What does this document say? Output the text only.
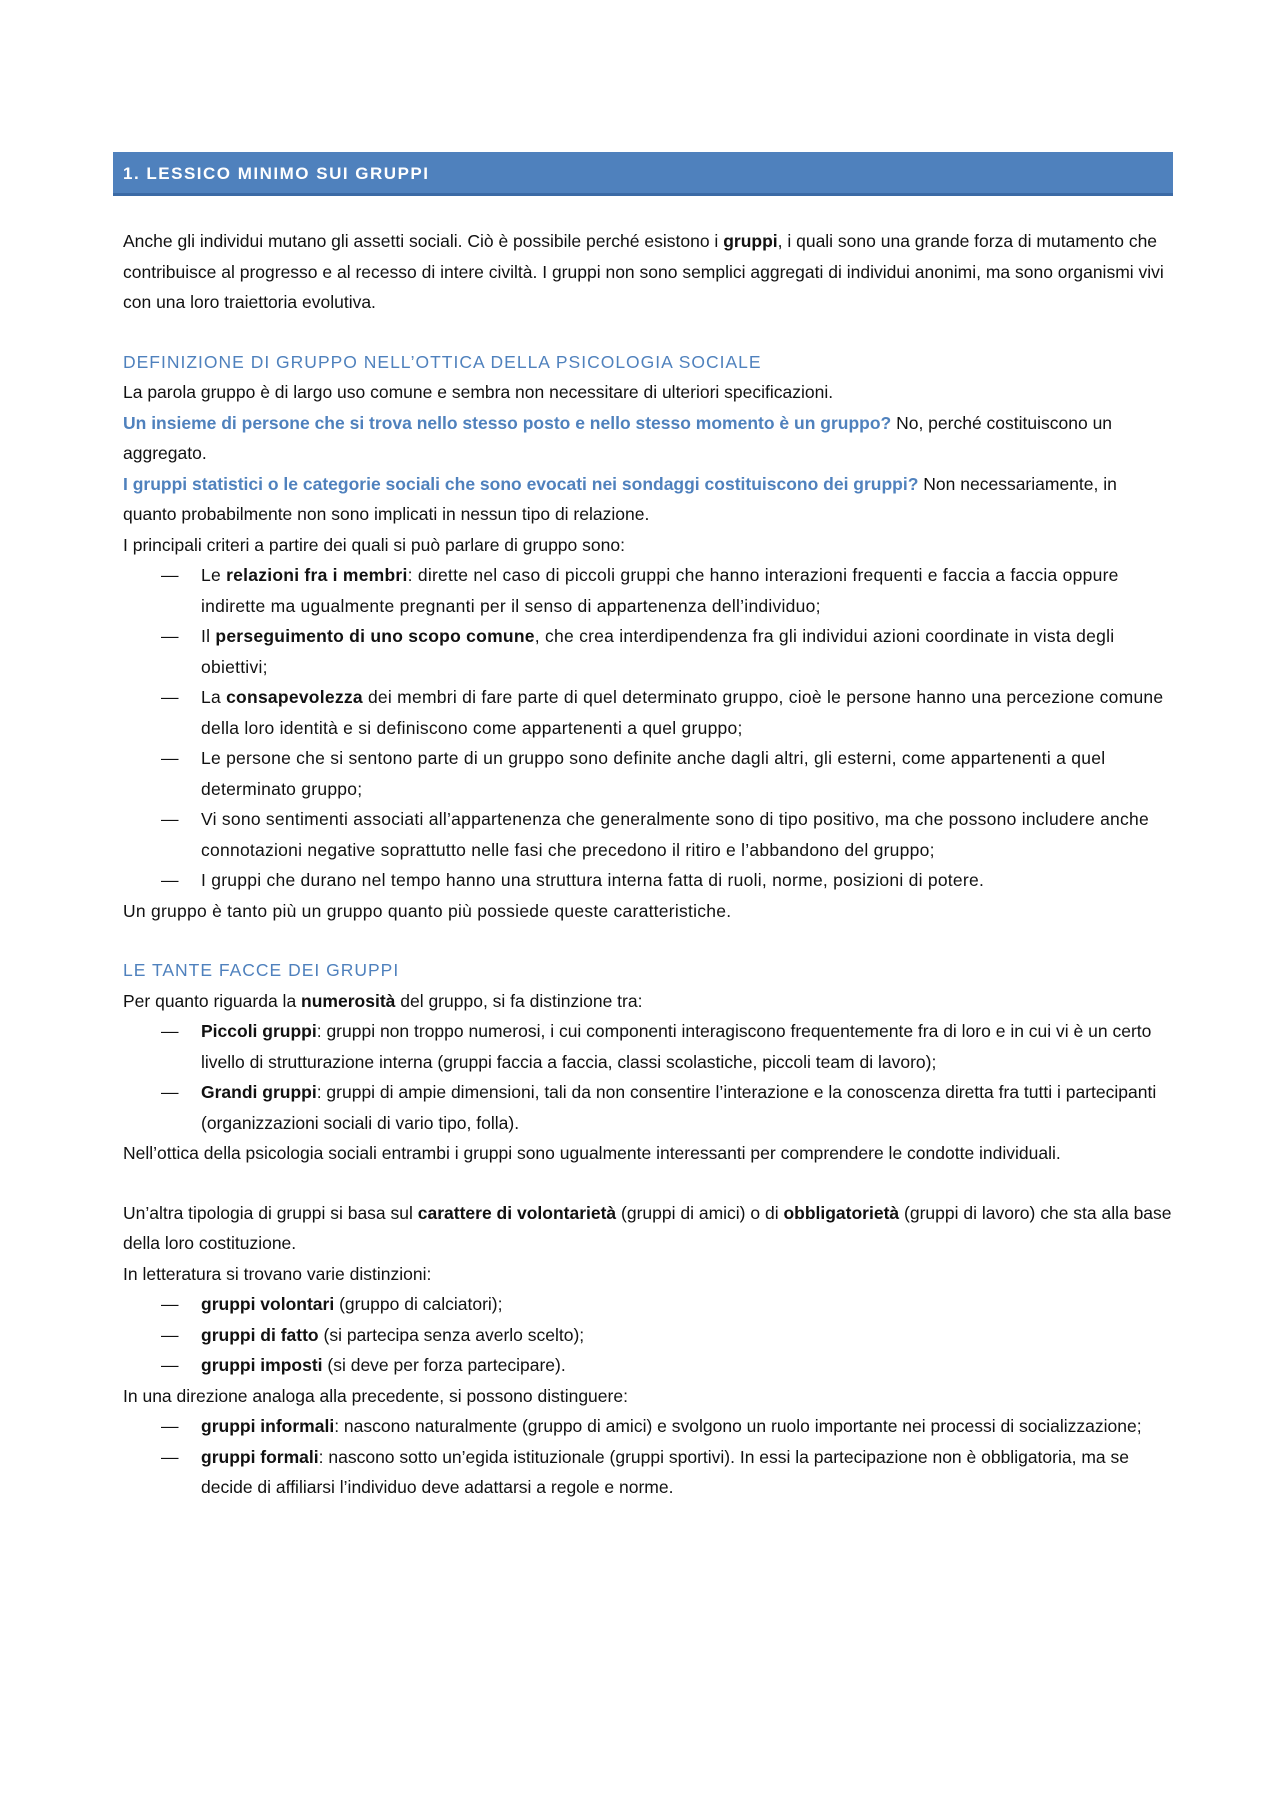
1. LESSICO MINIMO SUI GRUPPI

Anche gli individui mutano gli assetti sociali. Ciò è possibile perché esistono i gruppi, i quali sono una grande forza di mutamento che contribuisce al progresso e al recesso di intere civiltà. I gruppi non sono semplici aggregati di individui anonimi, ma sono organismi vivi con una loro traiettoria evolutiva.

DEFINIZIONE DI GRUPPO NELL’OTTICA DELLA PSICOLOGIA SOCIALE

La parola gruppo è di largo uso comune e sembra non necessitare di ulteriori specificazioni.

Un insieme di persone che si trova nello stesso posto e nello stesso momento è un gruppo? No, perché costituiscono un aggregato.

I gruppi statistici o le categorie sociali che sono evocati nei sondaggi costituiscono dei gruppi? Non necessariamente, in quanto probabilmente non sono implicati in nessun tipo di relazione.

I principali criteri a partire dei quali si può parlare di gruppo sono:

— Le relazioni fra i membri: dirette nel caso di piccoli gruppi che hanno interazioni frequenti e faccia a faccia oppure indirette ma ugualmente pregnanti per il senso di appartenenza dell’individuo;
— Il perseguimento di uno scopo comune, che crea interdipendenza fra gli individui azioni coordinate in vista degli obiettivi;
— La consapevolezza dei membri di fare parte di quel determinato gruppo, cioè le persone hanno una percezione comune della loro identità e si definiscono come appartenenti a quel gruppo;
— Le persone che si sentono parte di un gruppo sono definite anche dagli altri, gli esterni, come appartenenti a quel determinato gruppo;
— Vi sono sentimenti associati all’appartenenza che generalmente sono di tipo positivo, ma che possono includere anche connotazioni negative soprattutto nelle fasi che precedono il ritiro e l’abbandono del gruppo;
— I gruppi che durano nel tempo hanno una struttura interna fatta di ruoli, norme, posizioni di potere.

Un gruppo è tanto più un gruppo quanto più possiede queste caratteristiche.

LE TANTE FACCE DEI GRUPPI

Per quanto riguarda la numerosità del gruppo, si fa distinzione tra:

— Piccoli gruppi: gruppi non troppo numerosi, i cui componenti interagiscono frequentemente fra di loro e in cui vi è un certo livello di strutturazione interna (gruppi faccia a faccia, classi scolastiche, piccoli team di lavoro);
— Grandi gruppi: gruppi di ampie dimensioni, tali da non consentire l’interazione e la conoscenza diretta fra tutti i partecipanti (organizzazioni sociali di vario tipo, folla).

Nell’ottica della psicologia sociali entrambi i gruppi sono ugualmente interessanti per comprendere le condotte individuali.

Un’altra tipologia di gruppi si basa sul carattere di volontarietà (gruppi di amici) o di obbligatorietà (gruppi di lavoro) che sta alla base della loro costituzione.

In letteratura si trovano varie distinzioni:

— gruppi volontari (gruppo di calciatori);
— gruppi di fatto (si partecipa senza averlo scelto);
— gruppi imposti (si deve per forza partecipare).

In una direzione analoga alla precedente, si possono distinguere:

— gruppi informali: nascono naturalmente (gruppo di amici) e svolgono un ruolo importante nei processi di socializzazione;
— gruppi formali: nascono sotto un’egida istituzionale (gruppi sportivi). In essi la partecipazione non è obbligatoria, ma se decide di affiliarsi l’individuo deve adattarsi a regole e norme.
